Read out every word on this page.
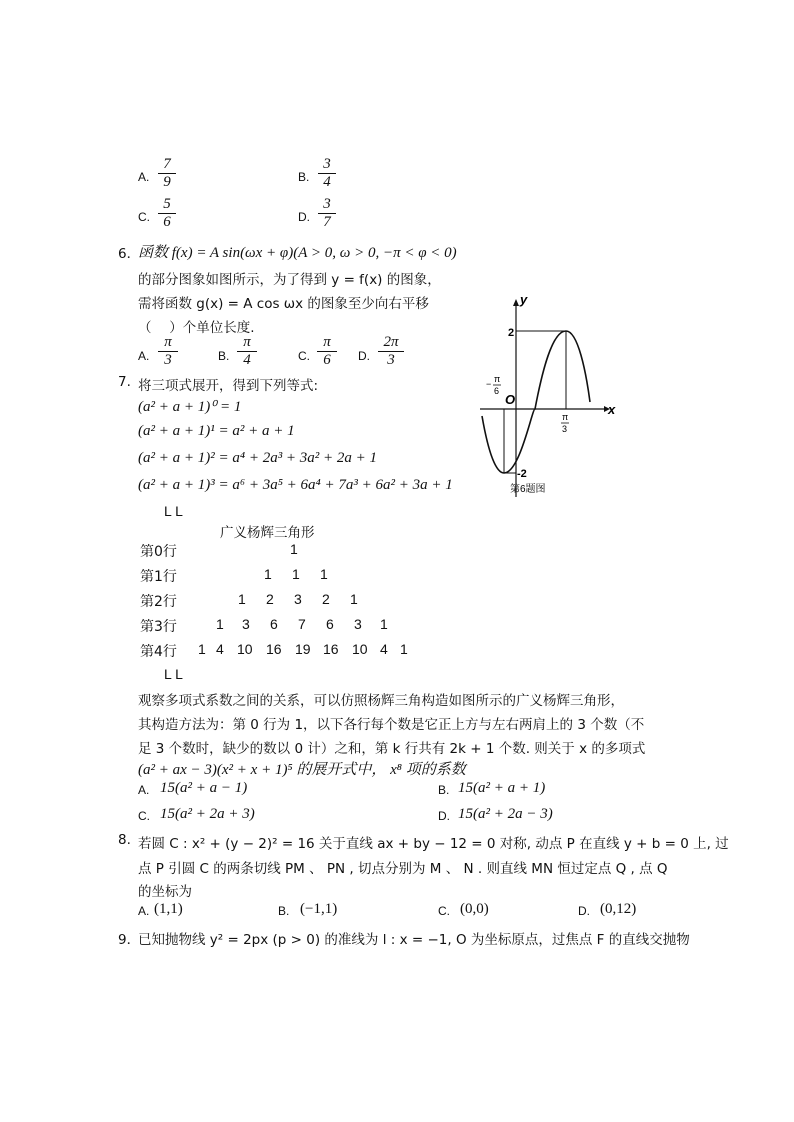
A. $\frac{7}{9}$	B. $\frac{3}{4}$
C. $\frac{5}{6}$	D. $\frac{3}{7}$
6．
函数 f(x) = A sin(ωx + φ)(A > 0, ω > 0, −π < φ < 0)
的部分图象如图所示，为了得到 y = f(x) 的图象，
需将函数 g(x) = A cos ωx 的图象至少向右平移
（　 ）个单位长度.
A. $\frac{\pi}{3}$	B. $\frac{\pi}{4}$	C. $\frac{\pi}{6} D$. $\frac{2\pi}{3}$
y
x
O
2
-2
− π
6
π
3
第6题图
7. 将三项式展开，得到下列等式:
(a² + a + 1)⁰ = 1
(a² + a + 1)¹ = a² + a + 1
(a² + a + 1)² = a⁴ + 2a³ + 3a² + 2a + 1
(a² + a + 1)³ = a⁶ + 3a⁵ + 6a⁴ + 7a³ + 6a² + 3a + 1
L L
广义杨辉三角形
第0行	1
第1行	1 1 1
第2行	1 2 3 2 1
第3行	1 3 6 7 6 3 1
第4行 1 4 10 16 19 16 10 4 1
L L
观察多项式系数之间的关系，可以仿照杨辉三角构造如图所示的广义杨辉三角形，
其构造方法为：第 0 行为 1，以下各行每个数是它正上方与左右两肩上的 3 个数（不
足 3 个数时，缺少的数以 0 计）之和，第 k 行共有 2k + 1 个数. 则关于 x 的多项式
(a² + ax − 3)(x² + x + 1)⁵ 的展开式中， x⁸ 项的系数
A. 15(a² + a − 1)	B. 15(a² + a + 1)
C. 15(a² + 2a + 3)	D. 15(a² + 2a − 3)
8. 若圆 C : x² + (y − 2)² = 16 关于直线 ax + by − 12 = 0 对称, 动点 P 在直线 y + b = 0 上, 过
点 P 引圆 C 的两条切线 PM 、 PN , 切点分别为 M 、 N . 则直线 MN 恒过定点 Q , 点 Q
的坐标为
A. (1,1)	B. (−1,1)	C. (0,0)	D. (0,12)
9．
已知抛物线 y² = 2px (p > 0) 的准线为 l : x = −1, O 为坐标原点，过焦点 F 的直线交抛物
